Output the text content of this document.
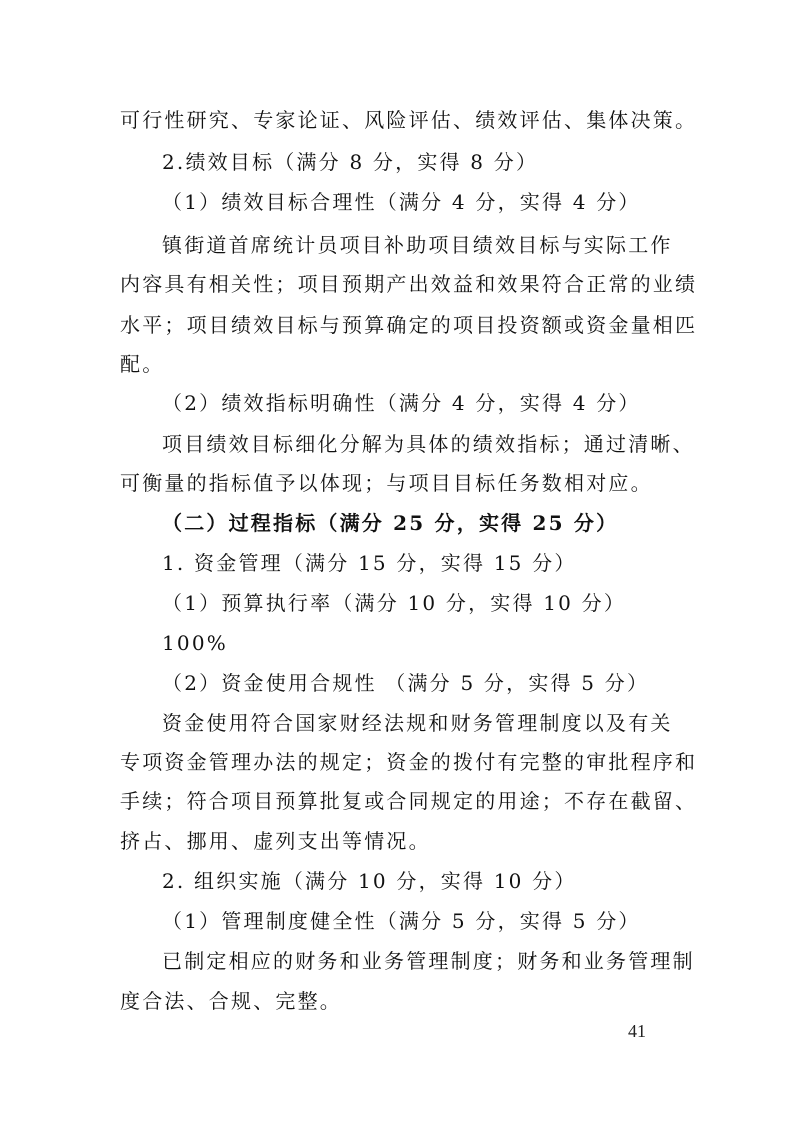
可行性研究、专家论证、风险评估、绩效评估、集体决策。
2.绩效目标（满分 8 分，实得 8 分）
（1）绩效目标合理性（满分 4 分，实得 4 分）
镇街道首席统计员项目补助项目绩效目标与实际工作
内容具有相关性；项目预期产出效益和效果符合正常的业绩
水平；项目绩效目标与预算确定的项目投资额或资金量相匹
配。
（2）绩效指标明确性（满分 4 分，实得 4 分）
项目绩效目标细化分解为具体的绩效指标；通过清晰、
可衡量的指标值予以体现；与项目目标任务数相对应。
（二）过程指标（满分 25 分，实得 25 分）
1. 资金管理（满分 15 分，实得 15 分）
（1）预算执行率（满分 10 分，实得 10 分）
100%
（2）资金使用合规性 （满分 5 分，实得 5 分）
资金使用符合国家财经法规和财务管理制度以及有关
专项资金管理办法的规定；资金的拨付有完整的审批程序和
手续；符合项目预算批复或合同规定的用途；不存在截留、
挤占、挪用、虚列支出等情况。
2. 组织实施（满分 10 分，实得 10 分）
（1）管理制度健全性（满分 5 分，实得 5 分）
已制定相应的财务和业务管理制度；财务和业务管理制
度合法、合规、完整。
41
